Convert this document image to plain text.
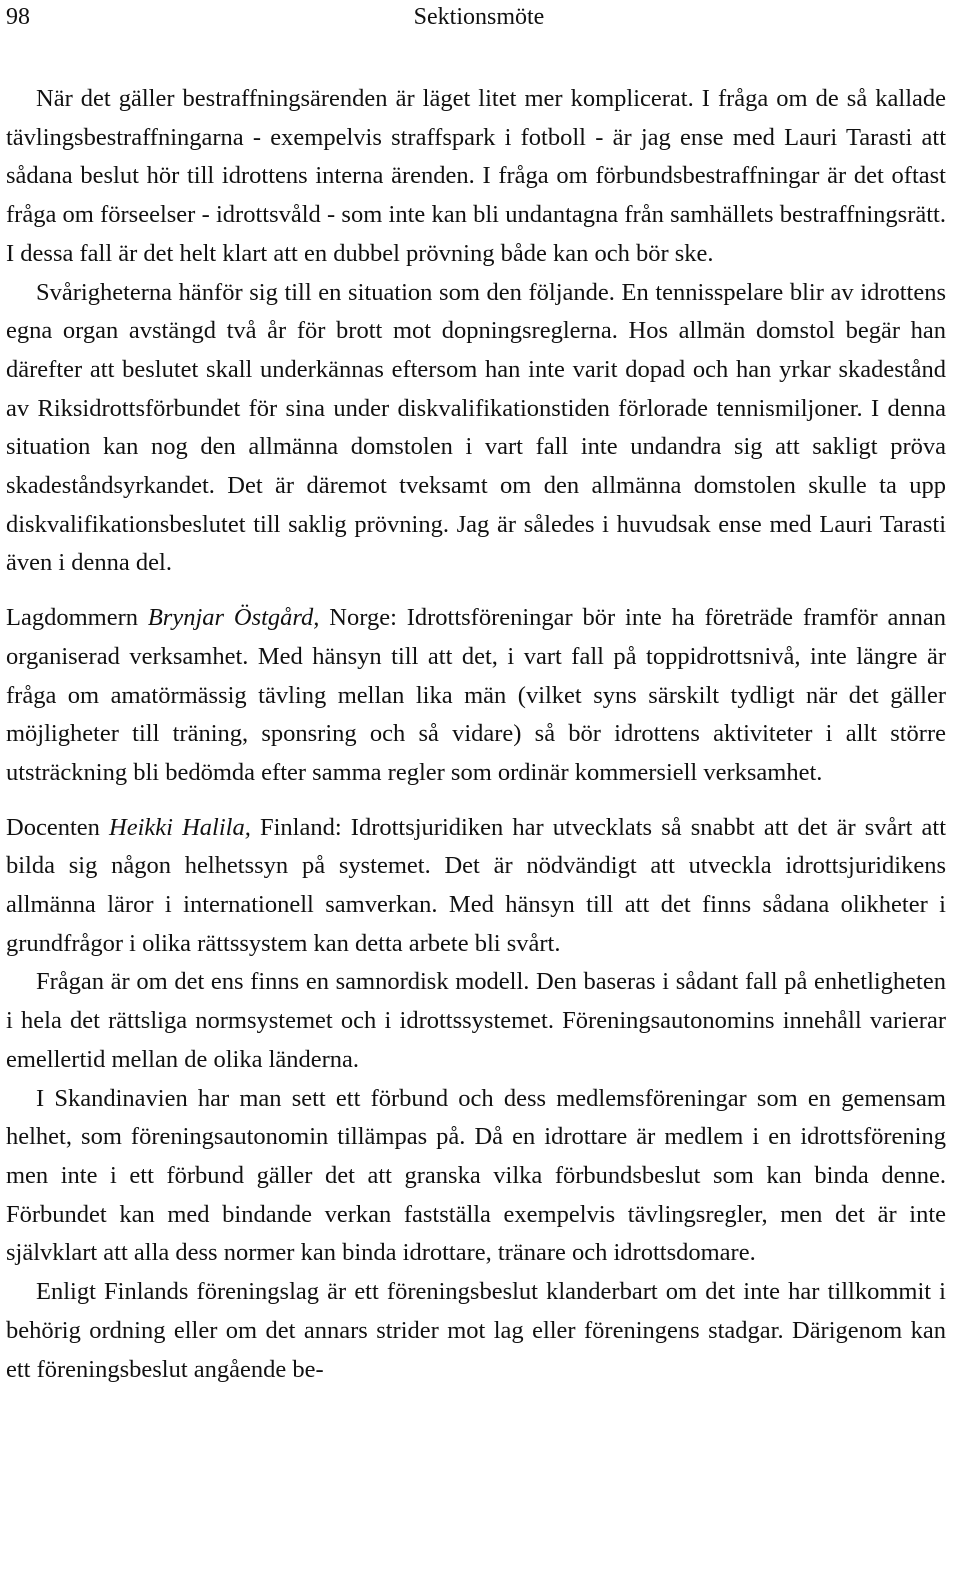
98	Sektionsmöte

När det gäller bestraffningsärenden är läget litet mer komplicerat. I fråga om de så kallade tävlingsbestraffningarna - exempelvis straffspark i fotboll - är jag ense med Lauri Tarasti att sådana beslut hör till idrottens interna ärenden. I fråga om förbundsbestraffningar är det oftast fråga om förseelser - idrottsvåld - som inte kan bli undantagna från samhällets bestraffningsrätt. I dessa fall är det helt klart att en dubbel prövning både kan och bör ske.

Svårigheterna hänför sig till en situation som den följande. En tennisspelare blir av idrottens egna organ avstängd två år för brott mot dopningsreglerna. Hos allmän domstol begär han därefter att beslutet skall underkännas eftersom han inte varit dopad och han yrkar skadestånd av Riksidrottsförbundet för sina under diskvalifikationstiden förlorade tennismiljoner. I denna situation kan nog den allmänna domstolen i vart fall inte undandra sig att sakligt pröva skadeståndsyrkandet. Det är däremot tveksamt om den allmänna domstolen skulle ta upp diskvalifikationsbeslutet till saklig prövning. Jag är således i huvudsak ense med Lauri Tarasti även i denna del.

Lagdommern Brynjar Östgård, Norge: Idrottsföreningar bör inte ha företräde framför annan organiserad verksamhet. Med hänsyn till att det, i vart fall på toppidrottsnivå, inte längre är fråga om amatörmässig tävling mellan lika män (vilket syns särskilt tydligt när det gäller möjligheter till träning, sponsring och så vidare) så bör idrottens aktiviteter i allt större utsträckning bli bedömda efter samma regler som ordinär kommersiell verksamhet.

Docenten Heikki Halila, Finland: Idrottsjuridiken har utvecklats så snabbt att det är svårt att bilda sig någon helhetssyn på systemet. Det är nödvändigt att utveckla idrottsjuridikens allmänna läror i internationell samverkan. Med hänsyn till att det finns sådana olikheter i grundfrågor i olika rättssystem kan detta arbete bli svårt.

Frågan är om det ens finns en samnordisk modell. Den baseras i sådant fall på enhetligheten i hela det rättsliga normsystemet och i idrottssystemet. Föreningsautonomins innehåll varierar emellertid mellan de olika länderna.

I Skandinavien har man sett ett förbund och dess medlemsföreningar som en gemensam helhet, som föreningsautonomin tillämpas på. Då en idrottare är medlem i en idrottsförening men inte i ett förbund gäller det att granska vilka förbundsbeslut som kan binda denne. Förbundet kan med bindande verkan fastställa exempelvis tävlingsregler, men det är inte självklart att alla dess normer kan binda idrottare, tränare och idrottsdomare.

Enligt Finlands föreningslag är ett föreningsbeslut klanderbart om det inte har tillkommit i behörig ordning eller om det annars strider mot lag eller föreningens stadgar. Därigenom kan ett föreningsbeslut angående be-
